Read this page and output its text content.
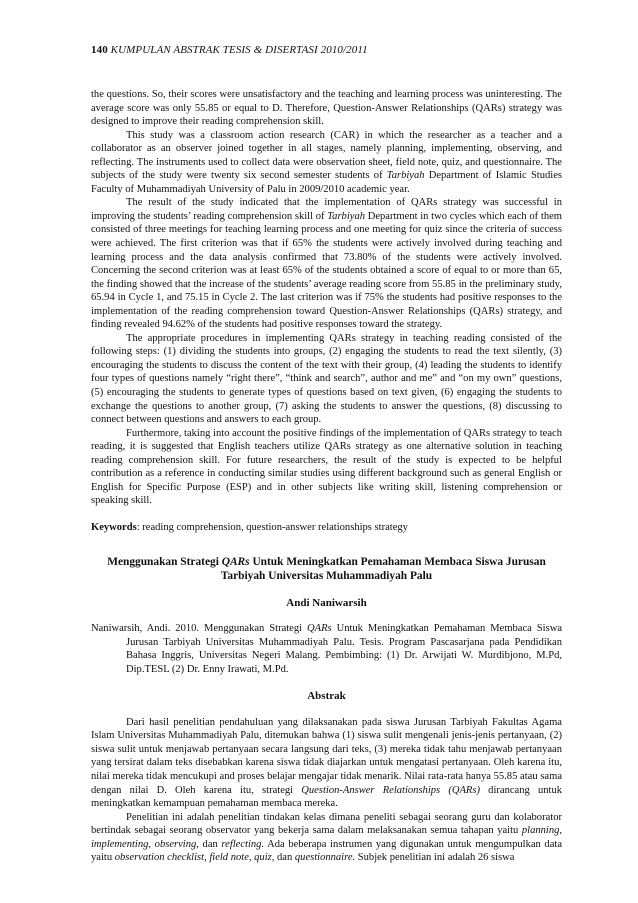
140 KUMPULAN ABSTRAK TESIS & DISERTASI 2010/2011

the questions. So, their scores were unsatisfactory and the teaching and learning process was uninteresting. The average score was only 55.85 or equal to D. Therefore, Question-Answer Relationships (QARs) strategy was designed to improve their reading comprehension skill.

This study was a classroom action research (CAR) in which the researcher as a teacher and a collaborator as an observer joined together in all stages, namely planning, implementing, observing, and reflecting. The instruments used to collect data were observation sheet, field note, quiz, and questionnaire. The subjects of the study were twenty six second semester students of Tarbiyah Department of Islamic Studies Faculty of Muhammadiyah University of Palu in 2009/2010 academic year.

The result of the study indicated that the implementation of QARs strategy was successful in improving the students’ reading comprehension skill of Tarbiyah Department in two cycles which each of them consisted of three meetings for teaching learning process and one meeting for quiz since the criteria of success were achieved. The first criterion was that if 65% the students were actively involved during teaching and learning process and the data analysis confirmed that 73.80% of the students were actively involved. Concerning the second criterion was at least 65% of the students obtained a score of equal to or more than 65, the finding showed that the increase of the students’ average reading score from 55.85 in the preliminary study, 65.94 in Cycle 1, and 75.15 in Cycle 2. The last criterion was if 75% the students had positive responses to the implementation of the reading comprehension toward Question-Answer Relationships (QARs) strategy, and finding revealed 94.62% of the students had positive responses toward the strategy.

The appropriate procedures in implementing QARs strategy in teaching reading consisted of the following steps: (1) dividing the students into groups, (2) engaging the students to read the text silently, (3) encouraging the students to discuss the content of the text with their group, (4) leading the students to identify four types of questions namely “right there”, “think and search”, author and me” and “on my own” questions, (5) encouraging the students to generate types of questions based on text given, (6) engaging the students to exchange the questions to another group, (7) asking the students to answer the questions, (8) discussing to connect between questions and answers to each group.

Furthermore, taking into account the positive findings of the implementation of QARs strategy to teach reading, it is suggested that English teachers utilize QARs strategy as one alternative solution in teaching reading comprehension skill. For future researchers, the result of the study is expected to be helpful contribution as a reference in conducting similar studies using different background such as general English or English for Specific Purpose (ESP) and in other subjects like writing skill, listening comprehension or speaking skill.

Keywords: reading comprehension, question-answer relationships strategy

Menggunakan Strategi QARs Untuk Meningkatkan Pemahaman Membaca Siswa Jurusan Tarbiyah Universitas Muhammadiyah Palu

Andi Naniwarsih

Naniwarsih, Andi. 2010. Menggunakan Strategi QARs Untuk Meningkatkan Pemahaman Membaca Siswa Jurusan Tarbiyah Universitas Muhammadiyah Palu. Tesis. Program Pascasarjana pada Pendidikan Bahasa Inggris, Universitas Negeri Malang. Pembimbing: (1) Dr. Arwijati W. Murdibjono, M.Pd, Dip.TESL (2) Dr. Enny Irawati, M.Pd.

Abstrak

Dari hasil penelitian pendahuluan yang dilaksanakan pada siswa Jurusan Tarbiyah Fakultas Agama Islam Universitas Muhammadiyah Palu, ditemukan bahwa (1) siswa sulit mengenali jenis-jenis pertanyaan, (2) siswa sulit untuk menjawab pertanyaan secara langsung dari teks, (3) mereka tidak tahu menjawab pertanyaan yang tersirat dalam teks disebabkan karena siswa tidak diajarkan untuk mengatasi pertanyaan. Oleh karena itu, nilai mereka tidak mencukupi and proses belajar mengajar tidak menarik. Nilai rata-rata hanya 55.85 atau sama dengan nilai D. Oleh karena itu, strategi Question-Answer Relationships (QARs) dirancang untuk meningkatkan kemampuan pemahaman membaca mereka.

Penelitian ini adalah penelitian tindakan kelas dimana peneliti sebagai seorang guru dan kolaborator bertindak sebagai seorang observator yang bekerja sama dalam melaksanakan semua tahapan yaitu planning, implementing, observing, dan reflecting. Ada beberapa instrumen yang digunakan untuk mengumpulkan data yaitu observation checklist, field note, quiz, dan questionnaire. Subjek penelitian ini adalah 26 siswa
